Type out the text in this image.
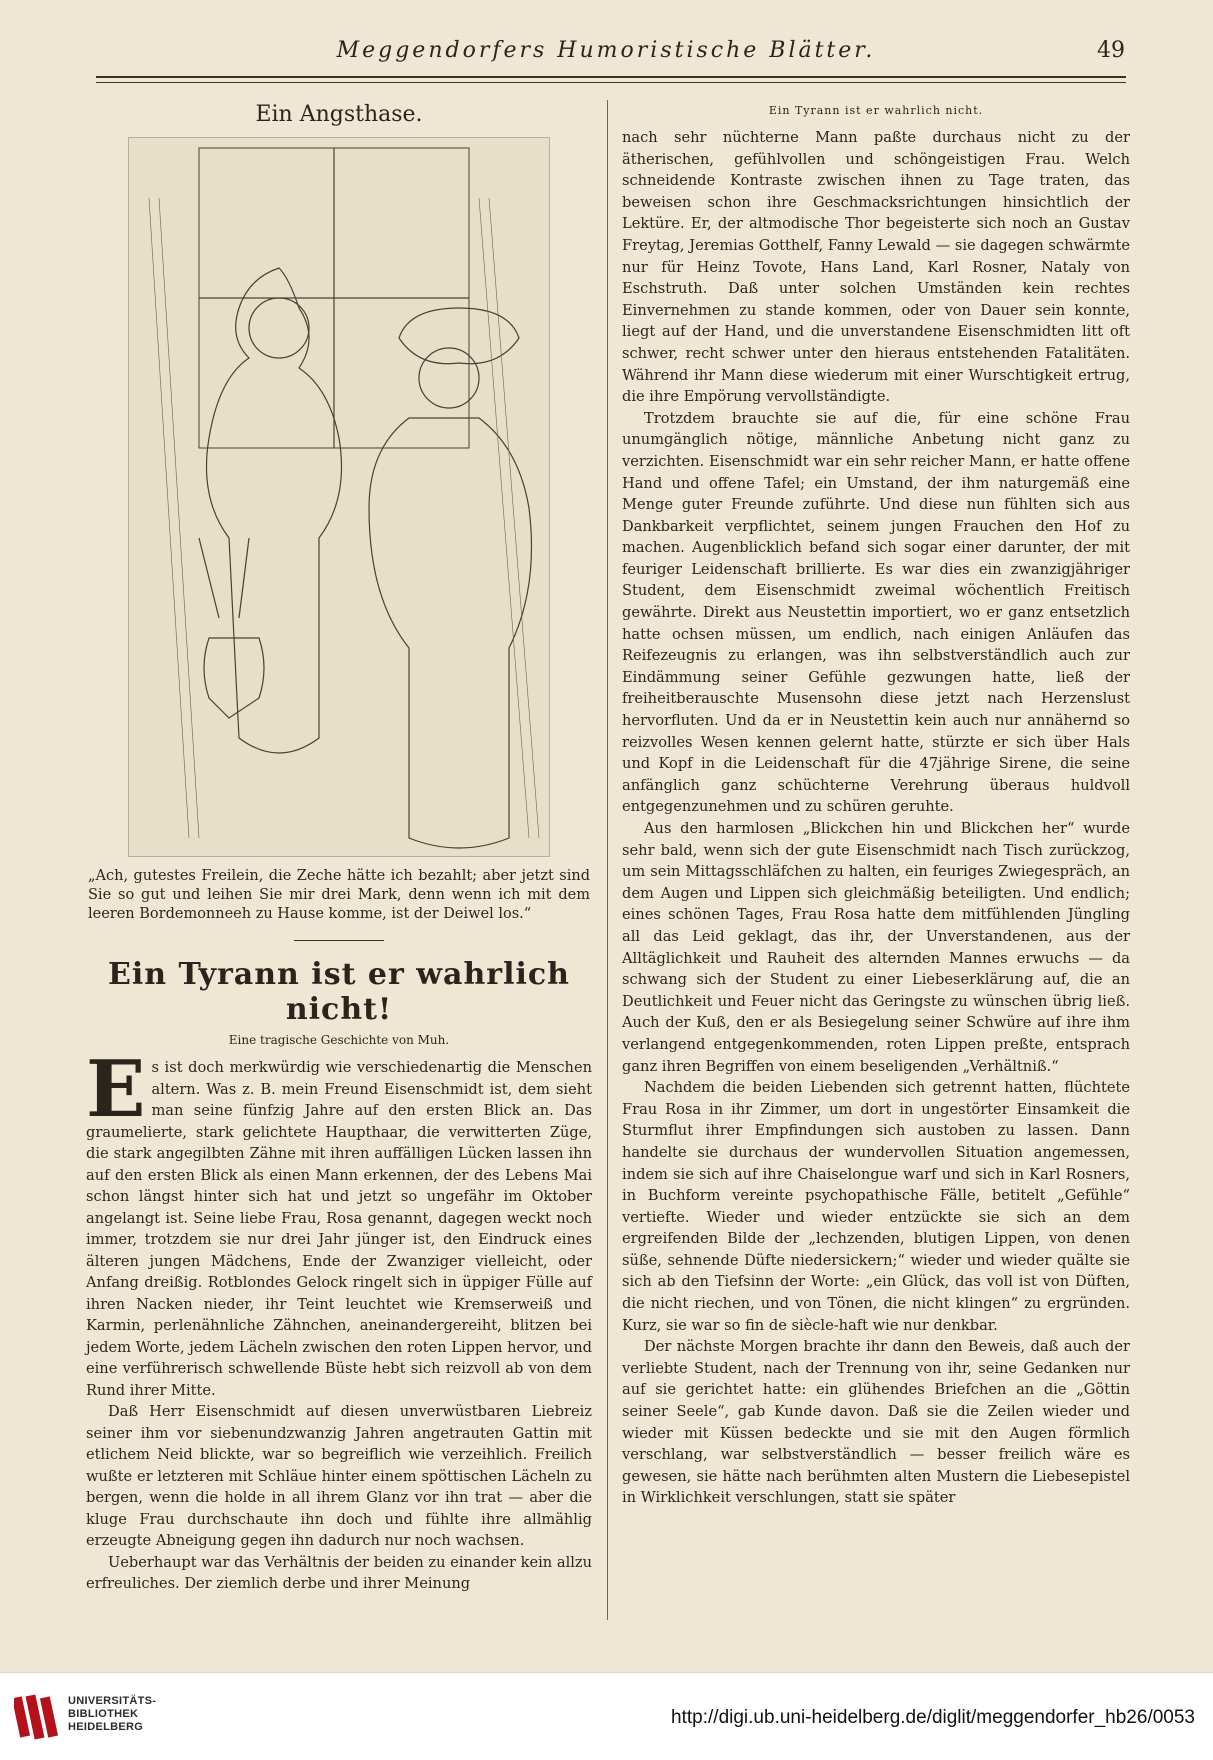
Meggendorfers Humoristische Blätter.	49
Ein Angsthase.
„Ach, gutestes Freilein, die Zeche hätte ich bezahlt; aber jetzt sind Sie so gut und leihen Sie mir drei Mark, denn wenn ich mit dem leeren Bordemonneeh zu Hause komme, ist der Deiwel los.“
Ein Tyrann ist er wahrlich nicht!
Eine tragische Geschichte von Muh.

Es ist doch merkwürdig wie verschiedenartig die Menschen altern. Was z. B. mein Freund Eisenschmidt ist, dem sieht man seine fünfzig Jahre auf den ersten Blick an. Das graumelierte, stark gelichtete Haupthaar, die verwitterten Züge, die stark angegilbten Zähne mit ihren auffälligen Lücken lassen ihn auf den ersten Blick als einen Mann erkennen, der des Lebens Mai schon längst hinter sich hat und jetzt so ungefähr im Oktober angelangt ist. Seine liebe Frau, Rosa genannt, dagegen weckt noch immer, trotzdem sie nur drei Jahr jünger ist, den Eindruck eines älteren jungen Mädchens, Ende der Zwanziger vielleicht, oder Anfang dreißig. Rotblondes Gelock ringelt sich in üppiger Fülle auf ihren Nacken nieder, ihr Teint leuchtet wie Kremserweiß und Karmin, perlenähnliche Zähnchen, aneinandergereiht, blitzen bei jedem Worte, jedem Lächeln zwischen den roten Lippen hervor, und eine verführerisch schwellende Büste hebt sich reizvoll ab von dem Rund ihrer Mitte.

Daß Herr Eisenschmidt auf diesen unverwüstbaren Liebreiz seiner ihm vor siebenundzwanzig Jahren angetrauten Gattin mit etlichem Neid blickte, war so begreiflich wie verzeihlich. Freilich wußte er letzteren mit Schläue hinter einem spöttischen Lächeln zu bergen, wenn die holde in all ihrem Glanz vor ihn trat — aber die kluge Frau durchschaute ihn doch und fühlte ihre allmählig erzeugte Abneigung gegen ihn dadurch nur noch wachsen.

Ueberhaupt war das Verhältnis der beiden zu einander kein allzu erfreuliches. Der ziemlich derbe und ihrer Meinung

Ein Tyrann ist er wahrlich nicht.

nach sehr nüchterne Mann paßte durchaus nicht zu der ätherischen, gefühlvollen und schöngeistigen Frau. Welch schneidende Kontraste zwischen ihnen zu Tage traten, das beweisen schon ihre Geschmacksrichtungen hinsichtlich der Lektüre. Er, der altmodische Thor begeisterte sich noch an Gustav Freytag, Jeremias Gotthelf, Fanny Lewald — sie dagegen schwärmte nur für Heinz Tovote, Hans Land, Karl Rosner, Nataly von Eschstruth. Daß unter solchen Umständen kein rechtes Einvernehmen zu stande kommen, oder von Dauer sein konnte, liegt auf der Hand, und die unverstandene Eisenschmidten litt oft schwer, recht schwer unter den hieraus entstehenden Fatalitäten. Während ihr Mann diese wiederum mit einer Wurschtigkeit ertrug, die ihre Empörung vervollständigte.

Trotzdem brauchte sie auf die, für eine schöne Frau unumgänglich nötige, männliche Anbetung nicht ganz zu verzichten. Eisenschmidt war ein sehr reicher Mann, er hatte offene Hand und offene Tafel; ein Umstand, der ihm naturgemäß eine Menge guter Freunde zuführte. Und diese nun fühlten sich aus Dankbarkeit verpflichtet, seinem jungen Frauchen den Hof zu machen. Augenblicklich befand sich sogar einer darunter, der mit feuriger Leidenschaft brillierte. Es war dies ein zwanzigjähriger Student, dem Eisenschmidt zweimal wöchentlich Freitisch gewährte. Direkt aus Neustettin importiert, wo er ganz entsetzlich hatte ochsen müssen, um endlich, nach einigen Anläufen das Reifezeugnis zu erlangen, was ihn selbstverständlich auch zur Eindämmung seiner Gefühle gezwungen hatte, ließ der freiheitberauschte Musensohn diese jetzt nach Herzenslust hervorfluten. Und da er in Neustettin kein auch nur annähernd so reizvolles Wesen kennen gelernt hatte, stürzte er sich über Hals und Kopf in die Leidenschaft für die 47jährige Sirene, die seine anfänglich ganz schüchterne Verehrung überaus huldvoll entgegenzunehmen und zu schüren geruhte.

Aus den harmlosen „Blickchen hin und Blickchen her“ wurde sehr bald, wenn sich der gute Eisenschmidt nach Tisch zurückzog, um sein Mittagsschläfchen zu halten, ein feuriges Zwiegespräch, an dem Augen und Lippen sich gleichmäßig beteiligten. Und endlich; eines schönen Tages, Frau Rosa hatte dem mitfühlenden Jüngling all das Leid geklagt, das ihr, der Unverstandenen, aus der Alltäglichkeit und Rauheit des alternden Mannes erwuchs — da schwang sich der Student zu einer Liebeserklärung auf, die an Deutlichkeit und Feuer nicht das Geringste zu wünschen übrig ließ. Auch der Kuß, den er als Besiegelung seiner Schwüre auf ihre ihm verlangend entgegenkommenden, roten Lippen preßte, entsprach ganz ihren Begriffen von einem beseligenden „Verhältniß.“

Nachdem die beiden Liebenden sich getrennt hatten, flüchtete Frau Rosa in ihr Zimmer, um dort in ungestörter Einsamkeit die Sturmflut ihrer Empfindungen sich austoben zu lassen. Dann handelte sie durchaus der wundervollen Situation angemessen, indem sie sich auf ihre Chaiselongue warf und sich in Karl Rosners, in Buchform vereinte psychopathische Fälle, betitelt „Gefühle“ vertiefte. Wieder und wieder entzückte sie sich an dem ergreifenden Bilde der „lechzenden, blutigen Lippen, von denen süße, sehnende Düfte niedersickern;“ wieder und wieder quälte sie sich ab den Tiefsinn der Worte: „ein Glück, das voll ist von Düften, die nicht riechen, und von Tönen, die nicht klingen“ zu ergründen. Kurz, sie war so fin de siècle-haft wie nur denkbar.

Der nächste Morgen brachte ihr dann den Beweis, daß auch der verliebte Student, nach der Trennung von ihr, seine Gedanken nur auf sie gerichtet hatte: ein glühendes Briefchen an die „Göttin seiner Seele“, gab Kunde davon. Daß sie die Zeilen wieder und wieder mit Küssen bedeckte und sie mit den Augen förmlich verschlang, war selbstverständlich — besser freilich wäre es gewesen, sie hätte nach berühmten alten Mustern die Liebesepistel in Wirklichkeit verschlungen, statt sie später

UNIVERSITÄTS-
BIBLIOTHEK
HEIDELBERG	http://digi.ub.uni-heidelberg.de/diglit/meggendorfer_hb26/0053
